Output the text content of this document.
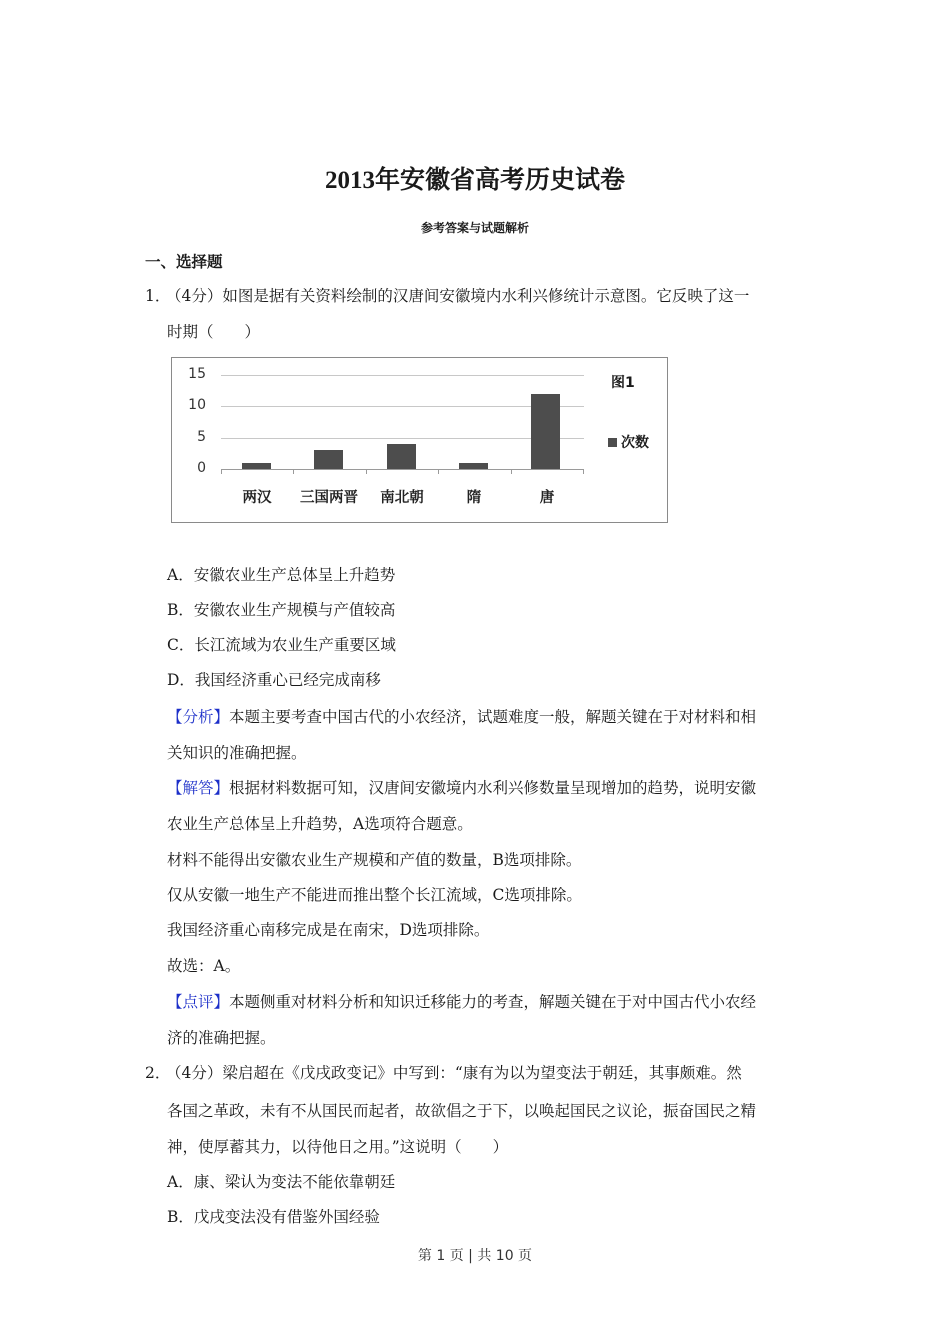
2013年安徽省高考历史试卷
参考答案与试题解析
一、选择题
1．
（4分）如图是据有关资料绘制的汉唐间安徽境内水利兴修统计示意图。它反映了这一
时期（　　）
15
10
5
0
两汉	三国两晋	南北朝	隋	唐
图1
次数
A．安徽农业生产总体呈上升趋势
B．安徽农业生产规模与产值较高
C．长江流域为农业生产重要区域
D．我国经济重心已经完成南移
【分析】本题主要考查中国古代的小农经济，试题难度一般，解题关键在于对材料和相
关知识的准确把握。
【解答】根据材料数据可知，汉唐间安徽境内水利兴修数量呈现增加的趋势，说明安徽
农业生产总体呈上升趋势，A选项符合题意。
材料不能得出安徽农业生产规模和产值的数量，B选项排除。
仅从安徽一地生产不能进而推出整个长江流域，C选项排除。
我国经济重心南移完成是在南宋，D选项排除。
故选：A。
【点评】本题侧重对材料分析和知识迁移能力的考查，解题关键在于对中国古代小农经
济的准确把握。
2．
（4分）梁启超在《戊戌政变记》中写到：“康有为以为望变法于朝廷，其事颇难。然
各国之革政，未有不从国民而起者，故欲倡之于下，以唤起国民之议论，振奋国民之精
神，使厚蓄其力，以待他日之用。”这说明（　　）
A．康、梁认为变法不能依靠朝廷
B．戊戌变法没有借鉴外国经验
第 1 页 | 共 10 页
